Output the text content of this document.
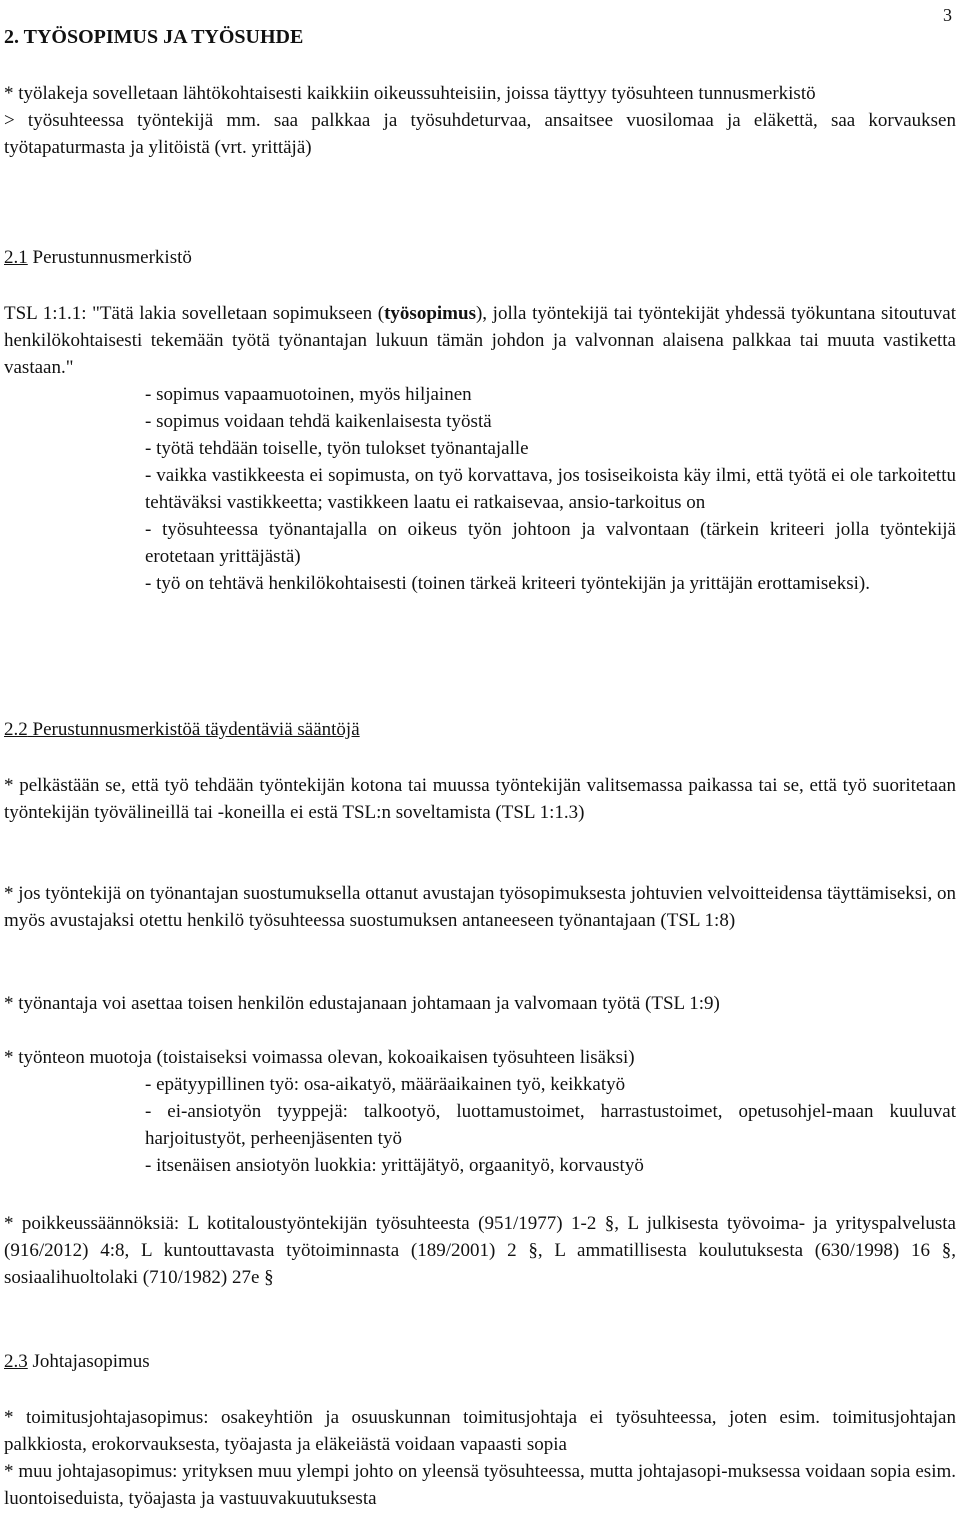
3
2. TYÖSOPIMUS JA TYÖSUHDE

* työlakeja sovelletaan lähtökohtaisesti kaikkiin oikeussuhteisiin, joissa täyttyy työsuhteen tunnusmerkistö

> työsuhteessa työntekijä mm. saa palkkaa ja työsuhdeturvaa, ansaitsee vuosilomaa ja eläkettä, saa korvauksen työtapaturmasta ja ylitöistä (vrt. yrittäjä)

2.1 Perustunnusmerkistö

TSL 1:1.1: "Tätä lakia sovelletaan sopimukseen (työsopimus), jolla työntekijä tai työntekijät yhdessä työkuntana sitoutuvat henkilökohtaisesti tekemään työtä työnantajan lukuun tämän johdon ja valvonnan alaisena palkkaa tai muuta vastiketta vastaan."

- sopimus vapaamuotoinen, myös hiljainen

- sopimus voidaan tehdä kaikenlaisesta työstä

- työtä tehdään toiselle, työn tulokset työnantajalle

- vaikka vastikkeesta ei sopimusta, on työ korvattava, jos tosiseikoista käy ilmi, että työtä ei ole tarkoitettu tehtäväksi vastikkeetta; vastikkeen laatu ei ratkaisevaa, ansio-tarkoitus on

- työsuhteessa työnantajalla on oikeus työn johtoon ja valvontaan (tärkein kriteeri jolla työntekijä erotetaan yrittäjästä)

- työ on tehtävä henkilökohtaisesti (toinen tärkeä kriteeri työntekijän ja yrittäjän erottamiseksi).

2.2 Perustunnusmerkistöä täydentäviä sääntöjä
* pelkästään se, että työ tehdään työntekijän kotona tai muussa työntekijän valitsemassa paikassa tai se, että työ suoritetaan työntekijän työvälineillä tai -koneilla ei estä TSL:n soveltamista (TSL 1:1.3)
* jos työntekijä on työnantajan suostumuksella ottanut avustajan työsopimuksesta johtuvien velvoitteidensa täyttämiseksi, on myös avustajaksi otettu henkilö työsuhteessa suostumuksen antaneeseen työnantajaan (TSL 1:8)
* työnantaja voi asettaa toisen henkilön edustajanaan johtamaan ja valvomaan työtä (TSL 1:9)

* työnteon muotoja (toistaiseksi voimassa olevan, kokoaikaisen työsuhteen lisäksi)

- epätyypillinen työ: osa-aikatyö, määräaikainen työ, keikkatyö

- ei-ansiotyön tyyppejä: talkootyö, luottamustoimet, harrastustoimet, opetusohjel-maan kuuluvat harjoitustyöt, perheenjäsenten työ

- itsenäisen ansiotyön luokkia: yrittäjätyö, orgaanityö, korvaustyö

* poikkeussäännöksiä: L kotitaloustyöntekijän työsuhteesta (951/1977) 1-2 §, L julkisesta työvoima- ja yrityspalvelusta (916/2012) 4:8, L kuntouttavasta työtoiminnasta (189/2001) 2 §, L ammatillisesta koulutuksesta (630/1998) 16 §, sosiaalihuoltolaki (710/1982) 27e §
2.3 Johtajasopimus

* toimitusjohtajasopimus: osakeyhtiön ja osuuskunnan toimitusjohtaja ei työsuhteessa, joten esim. toimitusjohtajan palkkiosta, erokorvauksesta, työajasta ja eläkeiästä voidaan vapaasti sopia

* muu johtajasopimus: yrityksen muu ylempi johto on yleensä työsuhteessa, mutta johtajasopi-muksessa voidaan sopia esim. luontoiseduista, työajasta ja vastuuvakuutuksesta
